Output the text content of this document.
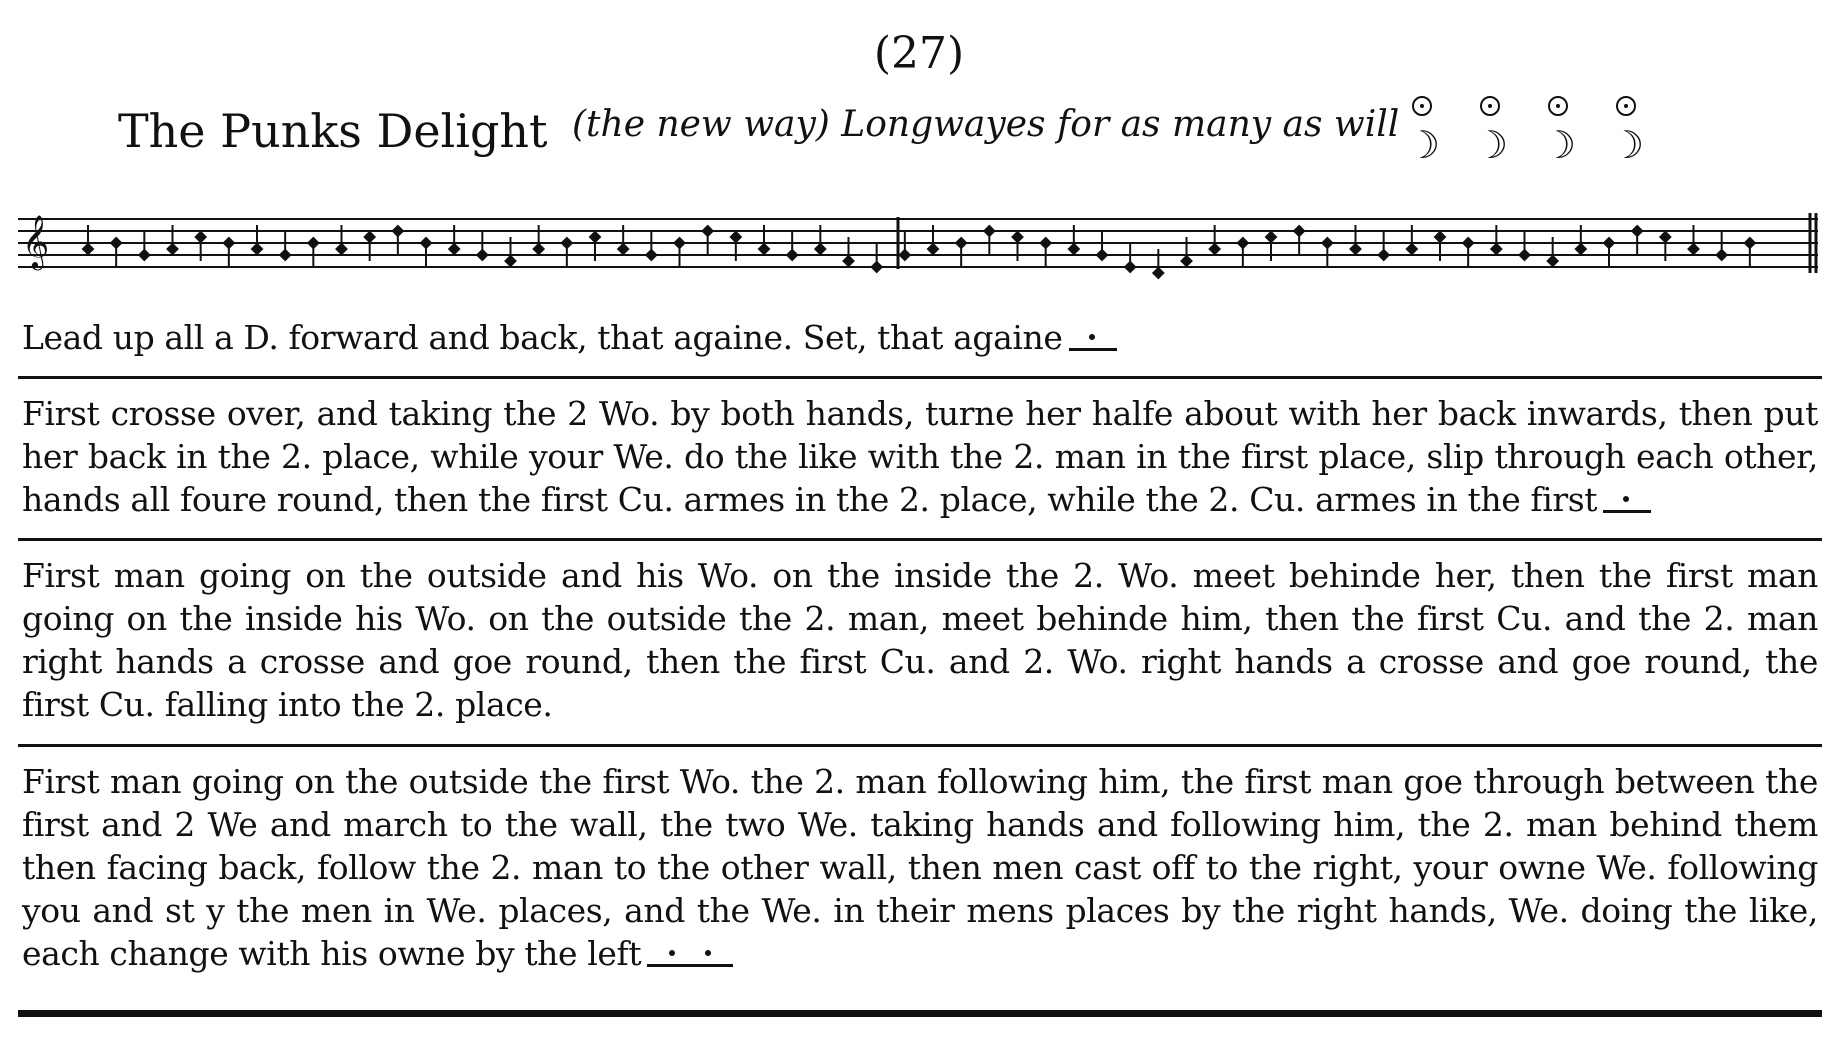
(27)
The Punks Delight (the new way) Longwayes for as many as will ☽ ☽ ☽ ☽
𝄞

Lead up all a D. forward and back, that againe. Set, that againe

First crosse over, and taking the 2 Wo. by both hands, turne her halfe about with her back inwards, then put her back in the 2. place, while your We. do the like with the 2. man in the first place, slip through each other, hands all foure round, then the first Cu. armes in the 2. place, while the 2. Cu. armes in the first

First man going on the outside and his Wo. on the inside the 2. Wo. meet behinde her, then the first man going on the inside his Wo. on the outside the 2. man, meet behinde him, then the first Cu. and the 2. man right hands a crosse and goe round, then the first Cu. and 2. Wo. right hands a crosse and goe round, the first Cu. falling into the 2. place.

First man going on the outside the first Wo. the 2. man following him, the first man goe through between the first and 2 We and march to the wall, the two We. taking hands and following him, the 2. man behind them then facing back, follow the 2. man to the other wall, then men cast off to the right, your owne We. following you and st y the men in We. places, and the We. in their mens places by the right hands, We. doing the like, each change with his owne by the left
